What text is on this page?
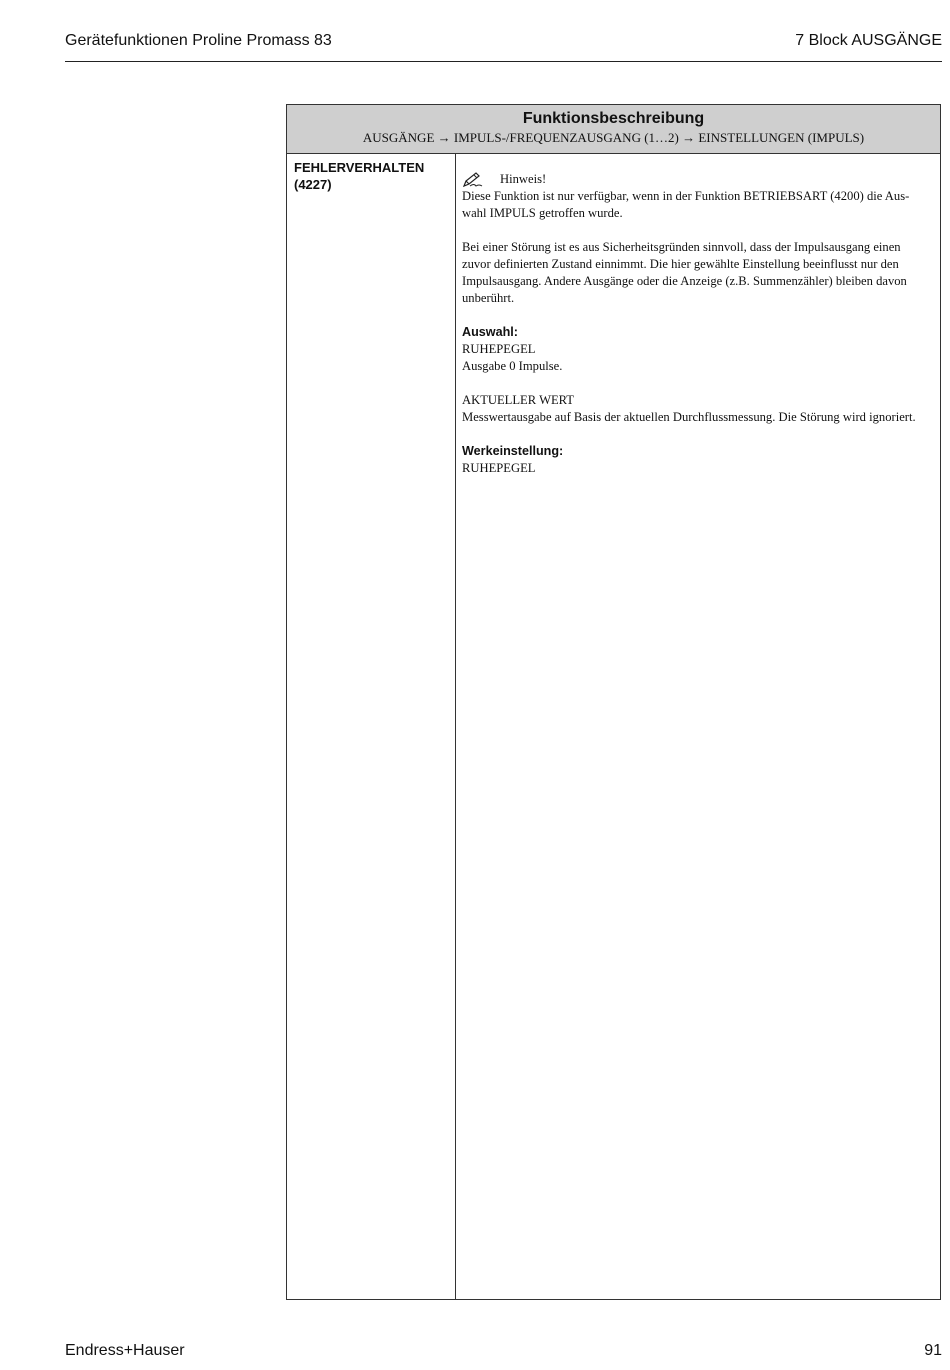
Gerätefunktionen Proline Promass 83	7 Block AUSGÄNGE
Funktionsbeschreibung
AUSGÄNGE → IMPULS-/FREQUENZAUSGANG (1…2) → EINSTELLUNGEN (IMPULS)
FEHLERVERHALTEN
(4227)	Hinweis!
Diese Funktion ist nur verfügbar, wenn in der Funktion BETRIEBSART (4200) die Aus-
wahl IMPULS getroffen wurde.

Bei einer Störung ist es aus Sicherheitsgründen sinnvoll, dass der Impulsausgang einen
zuvor definierten Zustand einnimmt. Die hier gewählte Einstellung beeinflusst nur den
Impulsausgang. Andere Ausgänge oder die Anzeige (z.B. Summenzähler) bleiben davon
unberührt.

Auswahl:
RUHEPEGEL
Ausgabe 0 Impulse.

AKTUELLER WERT
Messwertausgabe auf Basis der aktuellen Durchflussmessung. Die Störung wird ignoriert.

Werkeinstellung:
RUHEPEGEL

Endress+Hauser	91
